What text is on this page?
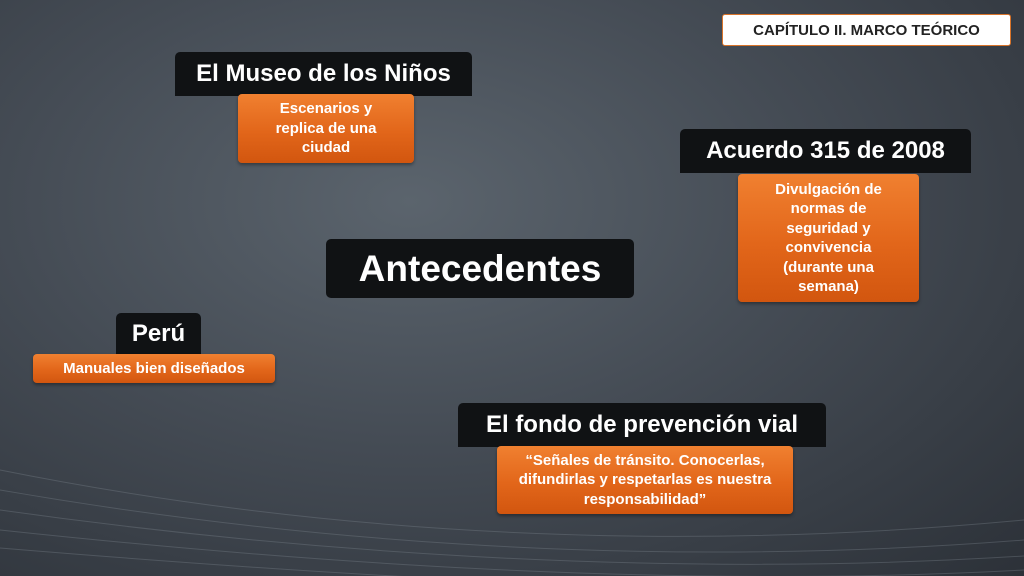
CAPÍTULO II. MARCO TEÓRICO
Antecedentes
El Museo de los Niños
Escenarios y replica de una ciudad	Acuerdo 315 de 2008
Divulgación de normas de seguridad y convivencia (durante una semana)
Perú
Manuales bien diseñados
El fondo de prevención vial
“Señales de tránsito. Conocerlas, difundirlas y respetarlas es nuestra responsabilidad”
